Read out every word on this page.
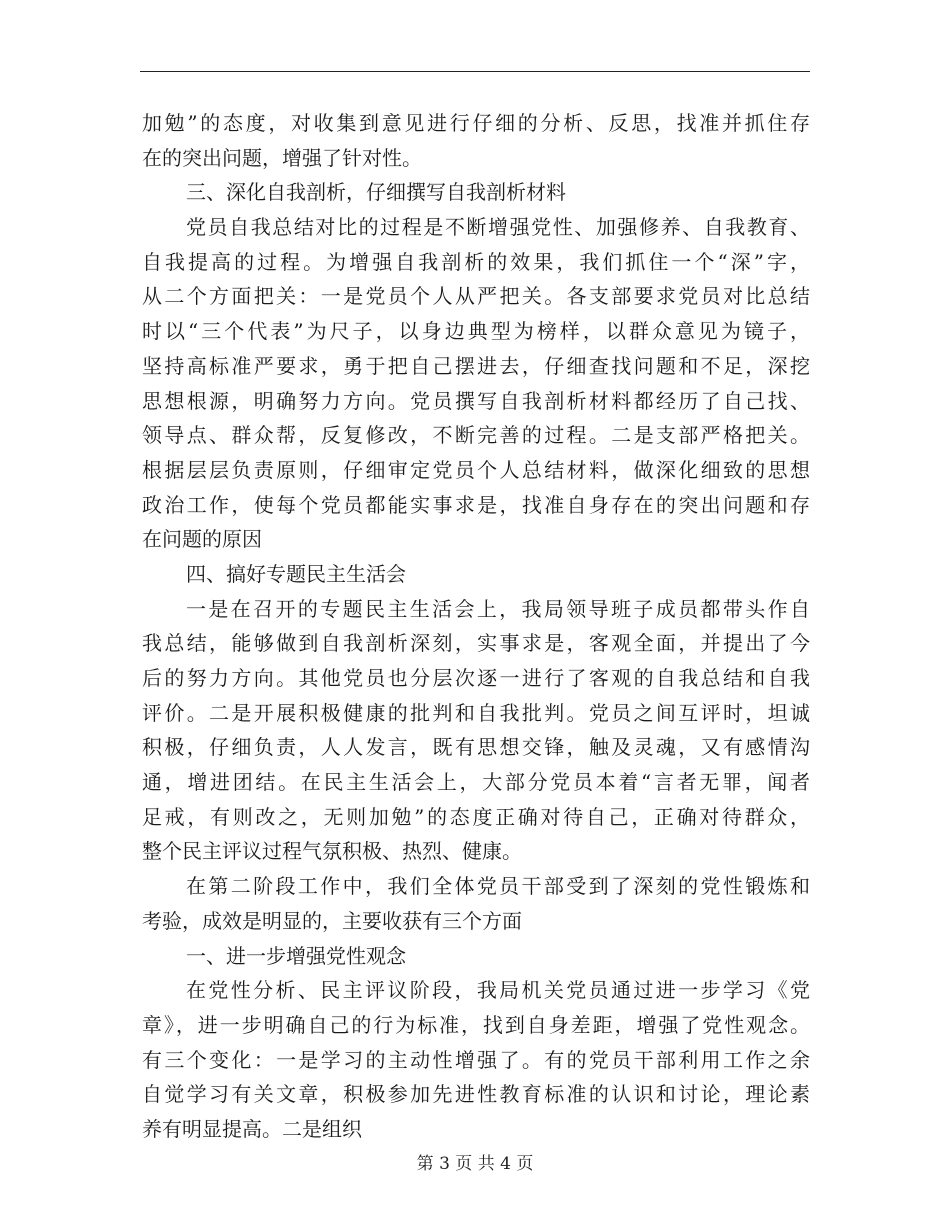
加勉”的态度，对收集到意见进行仔细的分析、反思，找准并抓住存
在的突出问题，增强了针对性。
三、深化自我剖析，仔细撰写自我剖析材料
党员自我总结对比的过程是不断增强党性、加强修养、自我教育、
自我提高的过程。为增强自我剖析的效果，我们抓住一个“深”字，
从二个方面把关：一是党员个人从严把关。各支部要求党员对比总结
时以“三个代表”为尺子，以身边典型为榜样，以群众意见为镜子，
坚持高标准严要求，勇于把自己摆进去，仔细查找问题和不足，深挖
思想根源，明确努力方向。党员撰写自我剖析材料都经历了自己找、
领导点、群众帮，反复修改，不断完善的过程。二是支部严格把关。
根据层层负责原则，仔细审定党员个人总结材料，做深化细致的思想
政治工作，使每个党员都能实事求是，找准自身存在的突出问题和存
在问题的原因
四、搞好专题民主生活会
一是在召开的专题民主生活会上，我局领导班子成员都带头作自
我总结，能够做到自我剖析深刻，实事求是，客观全面，并提出了今
后的努力方向。其他党员也分层次逐一进行了客观的自我总结和自我
评价。二是开展积极健康的批判和自我批判。党员之间互评时，坦诚
积极，仔细负责，人人发言，既有思想交锋，触及灵魂，又有感情沟
通，增进团结。在民主生活会上，大部分党员本着“言者无罪，闻者
足戒，有则改之，无则加勉”的态度正确对待自己，正确对待群众，
整个民主评议过程气氛积极、热烈、健康。
在第二阶段工作中，我们全体党员干部受到了深刻的党性锻炼和
考验，成效是明显的，主要收获有三个方面
一、进一步增强党性观念
在党性分析、民主评议阶段，我局机关党员通过进一步学习《党
章》，进一步明确自己的行为标准，找到自身差距，增强了党性观念。
有三个变化：一是学习的主动性增强了。有的党员干部利用工作之余
自觉学习有关文章，积极参加先进性教育标准的认识和讨论，理论素
养有明显提高。二是组织
第 3 页 共 4 页
